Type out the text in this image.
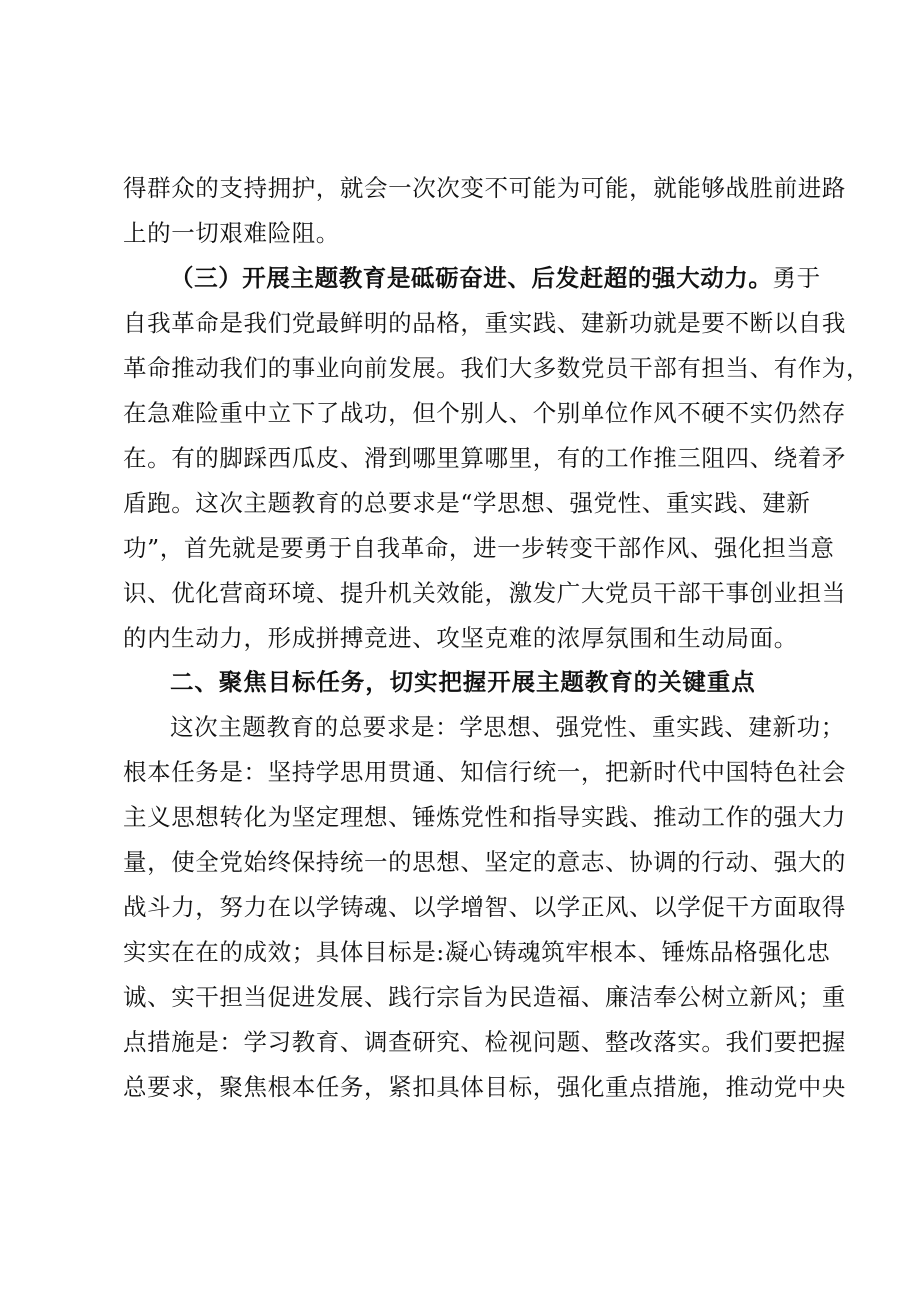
得群众的支持拥护，就会一次次变不可能为可能，就能够战胜前进路
上的一切艰难险阻。
（三）开展主题教育是砥砺奋进、后发赶超的强大动力。勇于
自我革命是我们党最鲜明的品格，重实践、建新功就是要不断以自我
革命推动我们的事业向前发展。我们大多数党员干部有担当、有作为，
在急难险重中立下了战功，但个别人、个别单位作风不硬不实仍然存
在。有的脚踩西瓜皮、滑到哪里算哪里，有的工作推三阻四、绕着矛
盾跑。这次主题教育的总要求是“学思想、强党性、重实践、建新
功”，首先就是要勇于自我革命，进一步转变干部作风、强化担当意
识、优化营商环境、提升机关效能，激发广大党员干部干事创业担当
的内生动力，形成拼搏竞进、攻坚克难的浓厚氛围和生动局面。
二、聚焦目标任务，切实把握开展主题教育的关键重点
这次主题教育的总要求是：学思想、强党性、重实践、建新功；
根本任务是：坚持学思用贯通、知信行统一，把新时代中国特色社会
主义思想转化为坚定理想、锤炼党性和指导实践、推动工作的强大力
量，使全党始终保持统一的思想、坚定的意志、协调的行动、强大的
战斗力，努力在以学铸魂、以学增智、以学正风、以学促干方面取得
实实在在的成效；具体目标是:凝心铸魂筑牢根本、锤炼品格强化忠
诚、实干担当促进发展、践行宗旨为民造福、廉洁奉公树立新风；重
点措施是：学习教育、调查研究、检视问题、整改落实。我们要把握
总要求，聚焦根本任务，紧扣具体目标，强化重点措施，推动党中央
